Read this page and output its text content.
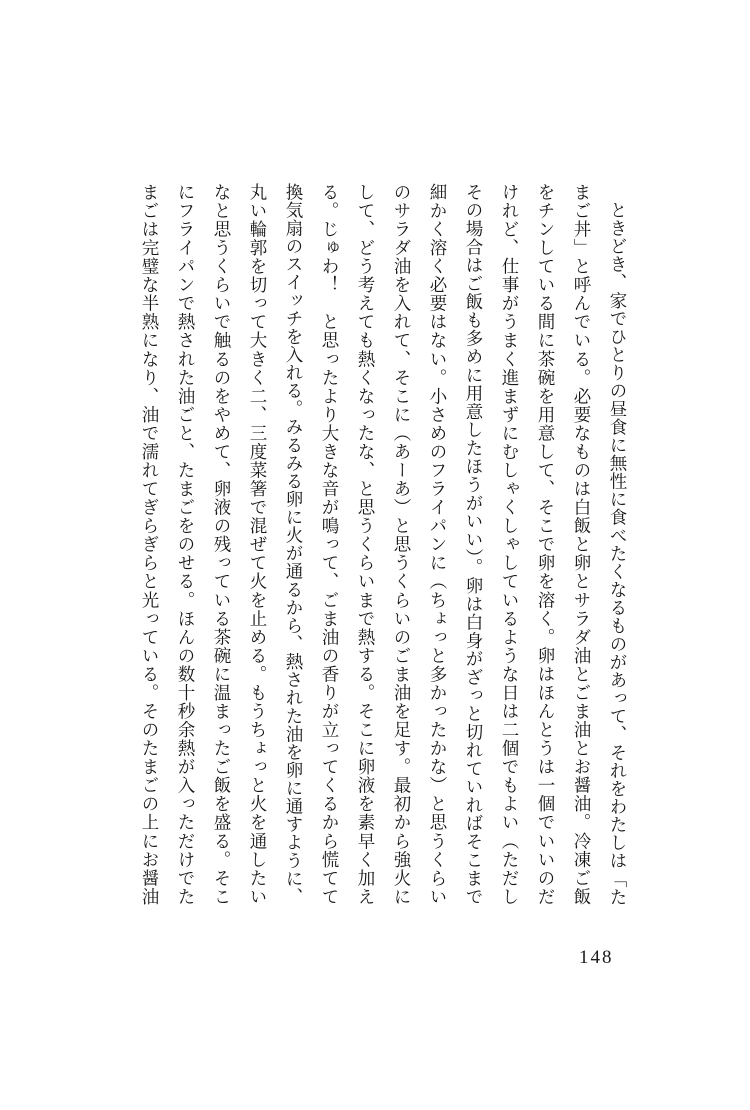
ときどき、家でひとりの昼食に無性に食べたくなるものがあって、それをわたしは「た
まご丼」と呼んでいる。必要なものは白飯と卵とサラダ油とごま油とお醤油。冷凍ご飯
をチンしている間に茶碗を用意して、そこで卵を溶く。卵はほんとうは一個でいいのだ
けれど、仕事がうまく進まずにむしゃくしゃしているような日は二個でもよい（ただし
その場合はご飯も多めに用意したほうがいい）。卵は白身がざっと切れていればそこまで
細かく溶く必要はない。小さめのフライパンに（ちょっと多かったかな）と思うくらい
のサラダ油を入れて、そこに（あーあ）と思うくらいのごま油を足す。最初から強火に
して、どう考えても熱くなったな、と思うくらいまで熱する。そこに卵液を素早く加え
る。じゅわ！　と思ったより大きな音が鳴って、ごま油の香りが立ってくるから慌てて
換気扇のスイッチを入れる。みるみる卵に火が通るから、熱された油を卵に通すように、
丸い輪郭を切って大きく二、三度菜箸で混ぜて火を止める。もうちょっと火を通したい
なと思うくらいで触るのをやめて、卵液の残っている茶碗に温まったご飯を盛る。そこ
にフライパンで熱された油ごと、たまごをのせる。ほんの数十秒余熱が入っただけでた
まごは完璧な半熟になり、油で濡れてぎらぎらと光っている。そのたまごの上にお醤油
148
